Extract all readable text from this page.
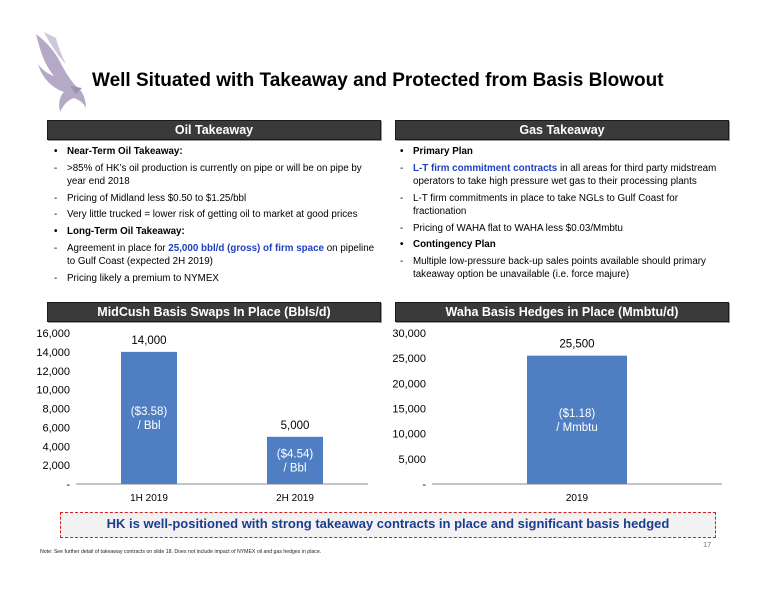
Well Situated with Takeaway and Protected from Basis Blowout
Oil Takeaway
• Near-Term Oil Takeaway:
- >85% of HK’s oil production is currently on pipe or will be on pipe by year end 2018
- Pricing of Midland less $0.50 to $1.25/bbl
- Very little trucked = lower risk of getting oil to market at good prices
• Long-Term Oil Takeaway:
- Agreement in place for 25,000 bbl/d (gross) of firm space on pipeline to Gulf Coast (expected 2H 2019)
- Pricing likely a premium to NYMEX
Gas Takeaway
• Primary Plan
- L-T firm commitment contracts in all areas for third party midstream operators to take high pressure wet gas to their processing plants
- L-T firm commitments in place to take NGLs to Gulf Coast for fractionation
- Pricing of WAHA flat to WAHA less $0.03/Mmbtu
• Contingency Plan
- Multiple low-pressure back-up sales points available should primary takeaway option be unavailable (i.e. force majure)
MidCush Basis Swaps In Place (Bbls/d)	Waha Basis Hedges in Place (Mmbtu/d)
-
2,000
4,000
6,000
8,000
10,000
12,000
14,000
16,000
14,000
($3.58)
/ Bbl
1H 2019
5,000
($4.54)
/ Bbl
2H 2019
-
5,000
10,000
15,000
20,000
25,000
30,000
25,500
($1.18)
/ Mmbtu
2019
HK is well-positioned with strong takeaway contracts in place and significant basis hedged
17
Note: See further detail of takeaway contracts on slide 18. Does not include impact of NYMEX oil and gas hedges in place.
